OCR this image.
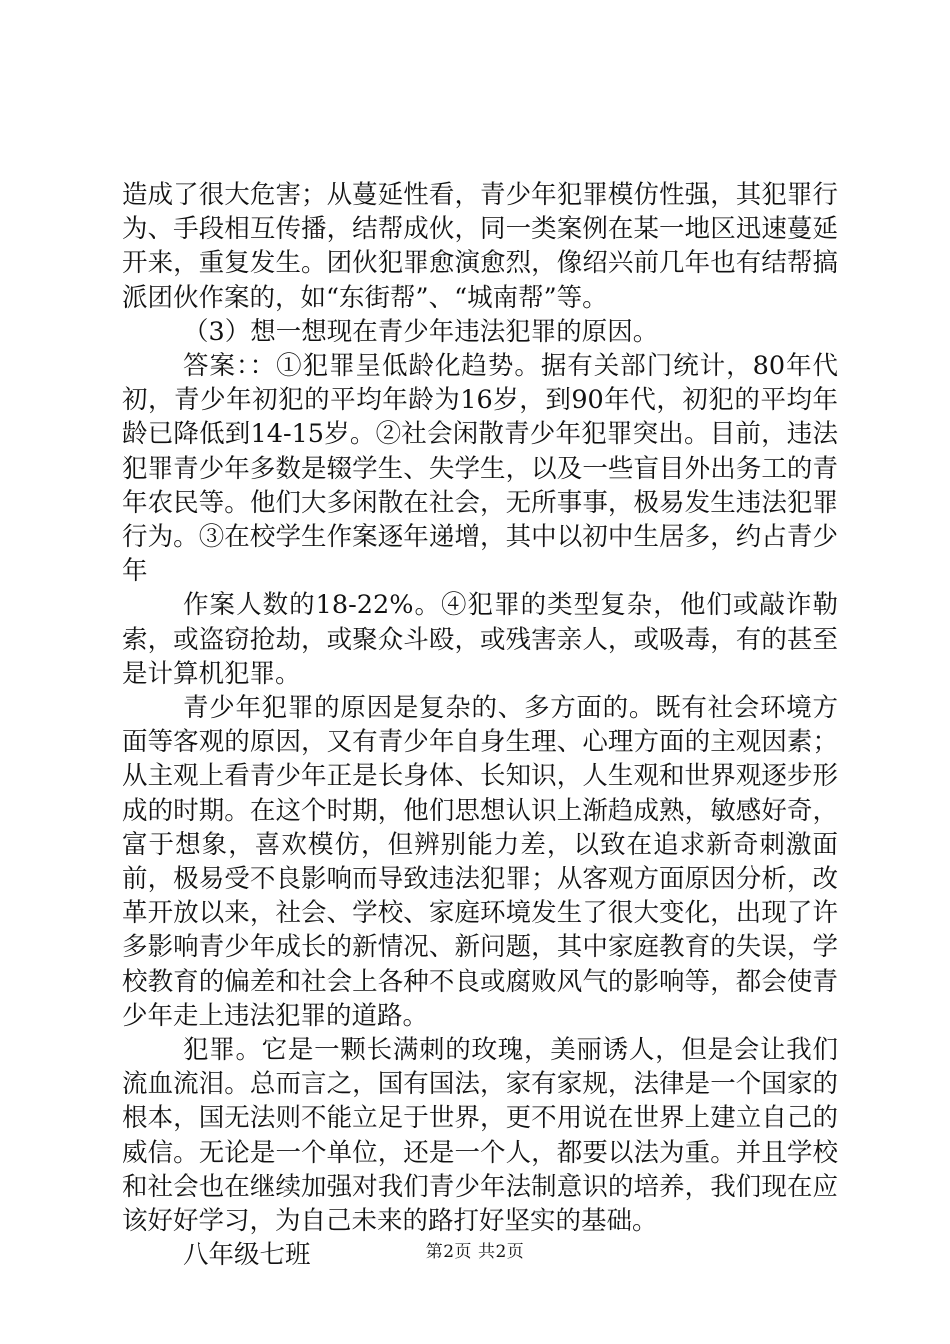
造成了很大危害；从蔓延性看，青少年犯罪模仿性强，其犯罪行为、手段相互传播，结帮成伙，同一类案例在某一地区迅速蔓延开来，重复发生。团伙犯罪愈演愈烈，像绍兴前几年也有结帮搞派团伙作案的，如“东街帮”、“城南帮”等。

（3）想一想现在青少年违法犯罪的原因。

答案：：①犯罪呈低龄化趋势。据有关部门统计，80年代初，青少年初犯的平均年龄为16岁，到90年代，初犯的平均年龄已降低到14-15岁。②社会闲散青少年犯罪突出。目前，违法犯罪青少年多数是辍学生、失学生，以及一些盲目外出务工的青年农民等。他们大多闲散在社会，无所事事，极易发生违法犯罪行为。③在校学生作案逐年递增，其中以初中生居多，约占青少年

作案人数的18-22%。④犯罪的类型复杂，他们或敲诈勒索，或盗窃抢劫，或聚众斗殴，或残害亲人，或吸毒，有的甚至是计算机犯罪。

青少年犯罪的原因是复杂的、多方面的。既有社会环境方面等客观的原因，又有青少年自身生理、心理方面的主观因素；从主观上看青少年正是长身体、长知识，人生观和世界观逐步形成的时期。在这个时期，他们思想认识上渐趋成熟，敏感好奇，富于想象，喜欢模仿，但辨别能力差，以致在追求新奇刺激面前，极易受不良影响而导致违法犯罪；从客观方面原因分析，改革开放以来，社会、学校、家庭环境发生了很大变化，出现了许多影响青少年成长的新情况、新问题，其中家庭教育的失误，学校教育的偏差和社会上各种不良或腐败风气的影响等，都会使青少年走上违法犯罪的道路。

犯罪。它是一颗长满刺的玫瑰，美丽诱人，但是会让我们流血流泪。总而言之，国有国法，家有家规，法律是一个国家的根本，国无法则不能立足于世界，更不用说在世界上建立自己的威信。无论是一个单位，还是一个人，都要以法为重。并且学校和社会也在继续加强对我们青少年法制意识的培养，我们现在应该好好学习，为自己未来的路打好坚实的基础。

八年级七班	第2页 共2页
